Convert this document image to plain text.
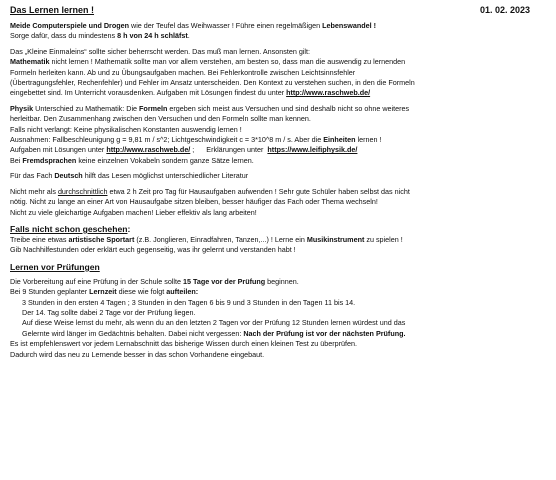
Das Lernen lernen !	01. 02. 2023

Meide Computerspiele und Drogen wie der Teufel das Weihwasser ! Führe einen regelmäßigen Lebenswandel !
Sorge dafür, dass du mindestens 8 h von 24 h schläfst.

Das „Kleine Einmaleins“ sollte sicher beherrscht werden. Das muß man lernen. Ansonsten gilt:
Mathematik nicht lernen ! Mathematik sollte man vor allem verstehen, am besten so, dass man die auswendig zu lernenden
Formeln herleiten kann. Ab und zu Übungsaufgaben machen. Bei Fehlerkontrolle zwischen Leichtsinnsfehler
(Übertragungsfehler, Rechenfehler) und Fehler im Ansatz unterscheiden. Den Kontext zu verstehen suchen, in den die Formeln
eingebettet sind. Im Unterricht vorausdenken. Aufgaben mit Lösungen findest du unter http://www.raschweb.de/

Physik Unterschied zu Mathematik: Die Formeln ergeben sich meist aus Versuchen und sind deshalb nicht so ohne weiteres
herleitbar. Den Zusammenhang zwischen den Versuchen und den Formeln sollte man kennen.
Falls nicht verlangt: Keine physikalischen Konstanten auswendig lernen !
Ausnahmen: Fallbeschleunigung g = 9,81 m / s^2; Lichtgeschwindigkeit c = 3*10^8 m / s. Aber die Einheiten lernen !
Aufgaben mit Lösungen unter http://www.raschweb.de/ ;      Erklärungen unter  https://www.leifiphysik.de/
Bei Fremdsprachen keine einzelnen Vokabeln sondern ganze Sätze lernen.

Für das Fach Deutsch hilft das Lesen möglichst unterschiedlicher Literatur

Nicht mehr als durchschnittlich etwa 2 h Zeit pro Tag für Hausaufgaben aufwenden ! Sehr gute Schüler haben selbst das nicht
nötig. Nicht zu lange an einer Art von Hausaufgabe sitzen bleiben, besser häufiger das Fach oder Thema wechseln!
Nicht zu viele gleichartige Aufgaben machen! Lieber effektiv als lang arbeiten!

Falls nicht schon geschehen:

Treibe eine etwas artistische Sportart (z.B. Jonglieren, Einradfahren, Tanzen,...) ! Lerne ein Musikinstrument zu spielen !
Gib Nachhilfestunden oder erklärt euch gegenseitig, was ihr gelernt und verstanden habt !

Lernen vor Prüfungen

Die Vorbereitung auf eine Prüfung in der Schule sollte 15 Tage vor der Prüfung beginnen.
Bei 9 Stunden geplanter Lernzeit diese wie folgt aufteilen:
3 Stunden in den ersten 4 Tagen ; 3 Stunden in den Tagen 6 bis 9 und 3 Stunden in den Tagen 11 bis 14.
Der 14. Tag sollte dabei 2 Tage vor der Prüfung liegen.
Auf diese Weise lernst du mehr, als wenn du an den letzten 2 Tagen vor der Prüfung 12 Stunden lernen würdest und das
Gelernte wird länger im Gedächtnis behalten. Dabei nicht vergessen: Nach der Prüfung ist vor der nächsten Prüfung.
Es ist empfehlenswert vor jedem Lernabschnitt das bisherige Wissen durch einen kleinen Test zu überprüfen.
Dadurch wird das neu zu Lernende besser in das schon Vorhandene eingebaut.
